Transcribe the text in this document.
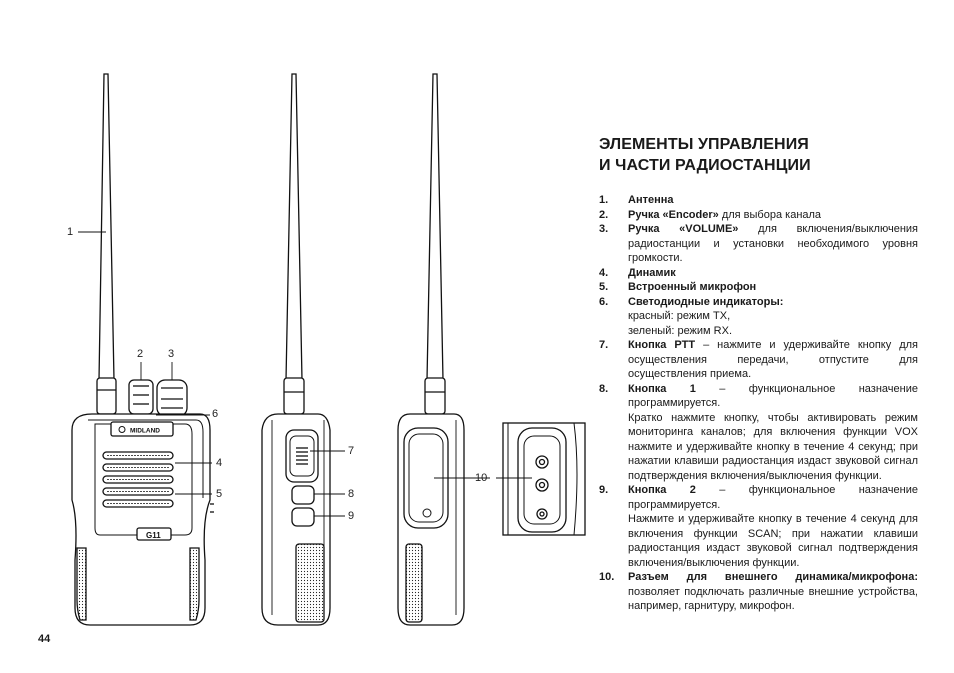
MIDLAND
G11
1
2 3
6
4
5
7
8
9
10
ЭЛЕМЕНТЫ УПРАВЛЕНИЯ
И ЧАСТИ РАДИОСТАНЦИИ
1.	Антенна
2.	Ручка «Encoder» для выбора канала
3.	Ручка «VOLUME» для включения/выключения радиостанции и установки необходимого уровня громкости.
4.	Динамик
5.	Встроенный микрофон
6.	Светодиодные индикаторы:
красный: режим TX,
зеленый: режим RX.
7.	Кнопка PTT – нажмите и удерживайте кнопку для осуществления передачи, отпустите для осуществления приема.
8.	Кнопка 1 – функциональное назначение программируется.
Кратко нажмите кнопку, чтобы активировать режим мониторинга каналов; для включения функции VOX нажмите и удерживайте кнопку в течение 4 секунд; при нажатии клавиши радиостанция издаст звуковой сигнал подтверждения включения/выключения функции.
9.	Кнопка 2 – функциональное назначение программируется.
Нажмите и удерживайте кнопку в течение 4 секунд для включения функции SCAN; при нажатии клавиши радиостанция издаст звуковой сигнал подтверждения включения/выключения функции.
10.	Разъем для внешнего динамика/микрофона: позволяет подключать различные внешние устройства, например, гарнитуру, микрофон.
44
